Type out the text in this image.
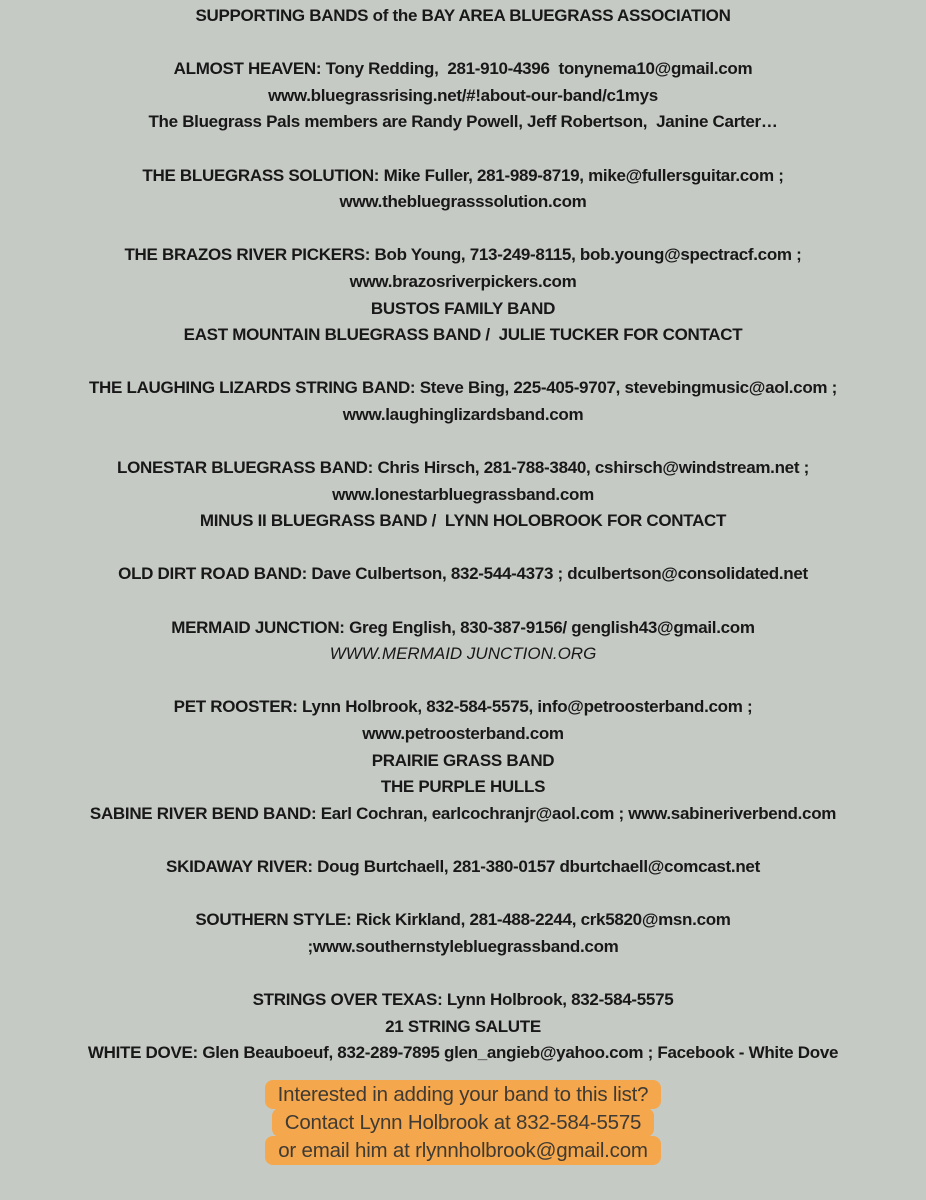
SUPPORTING BANDS of the BAY AREA BLUEGRASS ASSOCIATION
ALMOST HEAVEN: Tony Redding,  281-910-4396  tonynema10@gmail.com
www.bluegrassrising.net/#!about-our-band/c1mys
The Bluegrass Pals members are Randy Powell, Jeff Robertson,  Janine Carter…
THE BLUEGRASS SOLUTION: Mike Fuller, 281-989-8719, mike@fullersguitar.com ;
www.thebluegrasssolution.com
THE BRAZOS RIVER PICKERS: Bob Young, 713-249-8115, bob.young@spectracf.com ;
www.brazosriverpickers.com
BUSTOS FAMILY BAND
EAST MOUNTAIN BLUEGRASS BAND /  JULIE TUCKER FOR CONTACT
THE LAUGHING LIZARDS STRING BAND: Steve Bing, 225-405-9707, stevebingmusic@aol.com ;
www.laughinglizardsband.com
LONESTAR BLUEGRASS BAND: Chris Hirsch, 281-788-3840, cshirsch@windstream.net ;
www.lonestarbluegrassband.com
MINUS II BLUEGRASS BAND /  LYNN HOLOBROOK FOR CONTACT
OLD DIRT ROAD BAND: Dave Culbertson, 832-544-4373 ; dculbertson@consolidated.net
MERMAID JUNCTION: Greg English, 830-387-9156/ genglish43@gmail.com
WWW.MERMAID JUNCTION.ORG
PET ROOSTER: Lynn Holbrook, 832-584-5575, info@petroosterband.com ;
www.petroosterband.com
PRAIRIE GRASS BAND
THE PURPLE HULLS
SABINE RIVER BEND BAND: Earl Cochran, earlcochranjr@aol.com ; www.sabineriverbend.com
SKIDAWAY RIVER: Doug Burtchaell, 281-380-0157 dburtchaell@comcast.net
SOUTHERN STYLE: Rick Kirkland, 281-488-2244, crk5820@msn.com
;www.southernstylebluegrassband.com
STRINGS OVER TEXAS: Lynn Holbrook, 832-584-5575
21 STRING SALUTE
WHITE DOVE: Glen Beauboeuf, 832-289-7895 glen_angieb@yahoo.com ; Facebook - White Dove
Interested in adding your band to this list?
Contact Lynn Holbrook at 832-584-5575
or email him at rlynnholbrook@gmail.com
